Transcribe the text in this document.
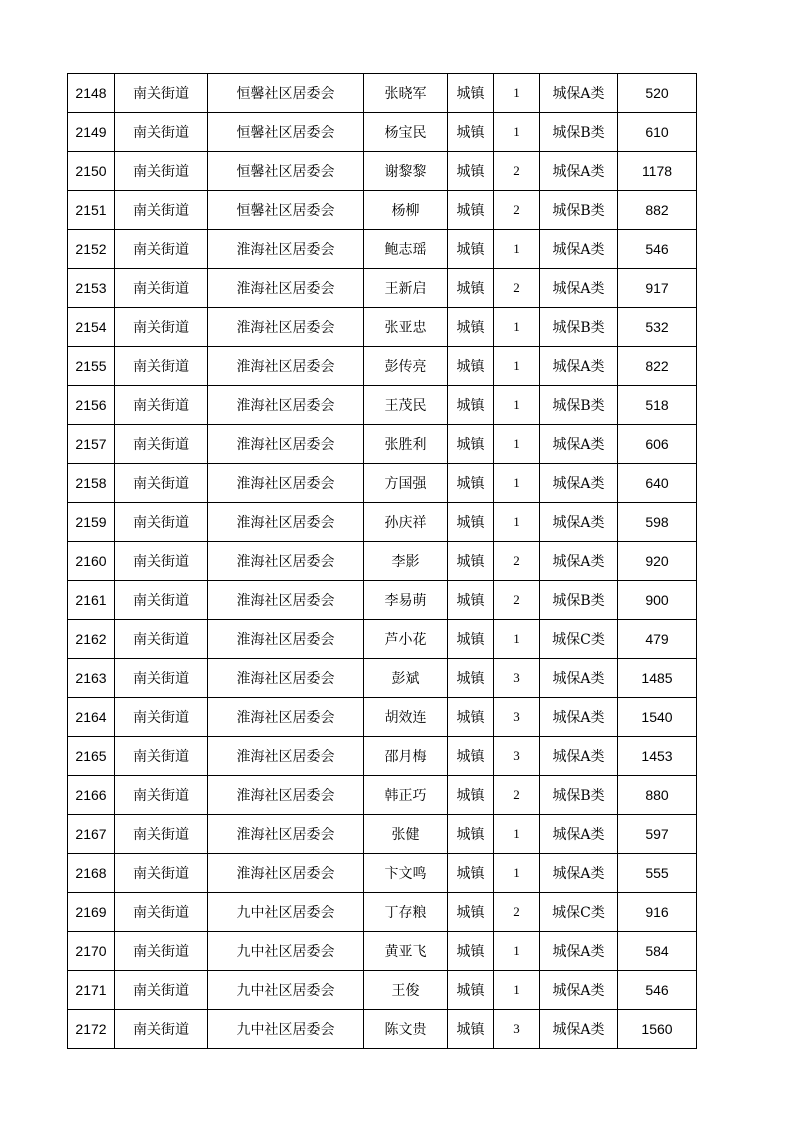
2148	南关街道	恒馨社区居委会	张晓军	城镇	1	城保A类	520
2149	南关街道	恒馨社区居委会	杨宝民	城镇	1	城保B类	610
2150	南关街道	恒馨社区居委会	谢黎黎	城镇	2	城保A类	1178
2151	南关街道	恒馨社区居委会	杨柳	城镇	2	城保B类	882
2152	南关街道	淮海社区居委会	鲍志瑶	城镇	1	城保A类	546
2153	南关街道	淮海社区居委会	王新启	城镇	2	城保A类	917
2154	南关街道	淮海社区居委会	张亚忠	城镇	1	城保B类	532
2155	南关街道	淮海社区居委会	彭传亮	城镇	1	城保A类	822
2156	南关街道	淮海社区居委会	王茂民	城镇	1	城保B类	518
2157	南关街道	淮海社区居委会	张胜利	城镇	1	城保A类	606
2158	南关街道	淮海社区居委会	方国强	城镇	1	城保A类	640
2159	南关街道	淮海社区居委会	孙庆祥	城镇	1	城保A类	598
2160	南关街道	淮海社区居委会	李影	城镇	2	城保A类	920
2161	南关街道	淮海社区居委会	李易萌	城镇	2	城保B类	900
2162	南关街道	淮海社区居委会	芦小花	城镇	1	城保C类	479
2163	南关街道	淮海社区居委会	彭斌	城镇	3	城保A类	1485
2164	南关街道	淮海社区居委会	胡效连	城镇	3	城保A类	1540
2165	南关街道	淮海社区居委会	邵月梅	城镇	3	城保A类	1453
2166	南关街道	淮海社区居委会	韩正巧	城镇	2	城保B类	880
2167	南关街道	淮海社区居委会	张健	城镇	1	城保A类	597
2168	南关街道	淮海社区居委会	卞文鸣	城镇	1	城保A类	555
2169	南关街道	九中社区居委会	丁存粮	城镇	2	城保C类	916
2170	南关街道	九中社区居委会	黄亚飞	城镇	1	城保A类	584
2171	南关街道	九中社区居委会	王俊	城镇	1	城保A类	546
2172	南关街道	九中社区居委会	陈文贵	城镇	3	城保A类	1560
